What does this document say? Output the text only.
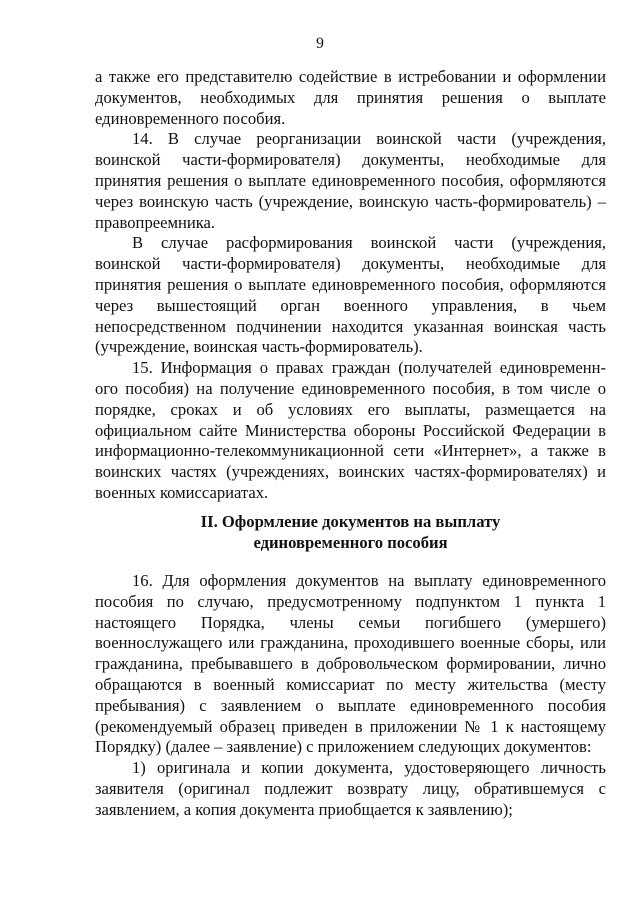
9

а также его представителю содействие в истребовании и оформлении документов, необходимых для принятия решения о выплате единовременного пособия.

14. В случае реорганизации воинской части (учреждения, воинской части-формирователя) документы, необходимые для принятия решения о выплате единовременного пособия, оформляются через воинскую часть (учреждение, воинскую часть-формирователь) – правопреемника.

В случае расформирования воинской части (учреждения, воинской части-формирователя) документы, необходимые для принятия решения о выплате единовременного пособия, оформляются через вышестоящий орган военного управления, в чьем непосредственном подчинении находится указанная воинская часть (учреждение, воинская часть-формирователь).

15. Информация о правах граждан (получателей единовременн-ого пособия) на получение единовременного пособия, в том числе о порядке, сроках и об условиях его выплаты, размещается на официальном сайте Министерства обороны Российской Федерации в информационно-телекоммуникационной сети «Интернет», а также в воинских частях (учреждениях, воинских частях-формирователях) и военных комиссариатах.

II. Оформление документов на выплату
единовременного пособия

16. Для оформления документов на выплату единовременного пособия по случаю, предусмотренному подпунктом 1 пункта 1 настоящего Порядка, члены семьи погибшего (умершего) военнослужащего или гражданина, проходившего военные сборы, или гражданина, пребывавшего в добровольческом формировании, лично обращаются в военный комиссариат по месту жительства (месту пребывания) с заявлением о выплате единовременного пособия (рекомендуемый образец приведен в приложении № 1 к настоящему Порядку) (далее – заявление) с приложением следующих документов:

1) оригинала и копии документа, удостоверяющего личность заявителя (оригинал подлежит возврату лицу, обратившемуся с заявлением, а копия документа приобщается к заявлению);
